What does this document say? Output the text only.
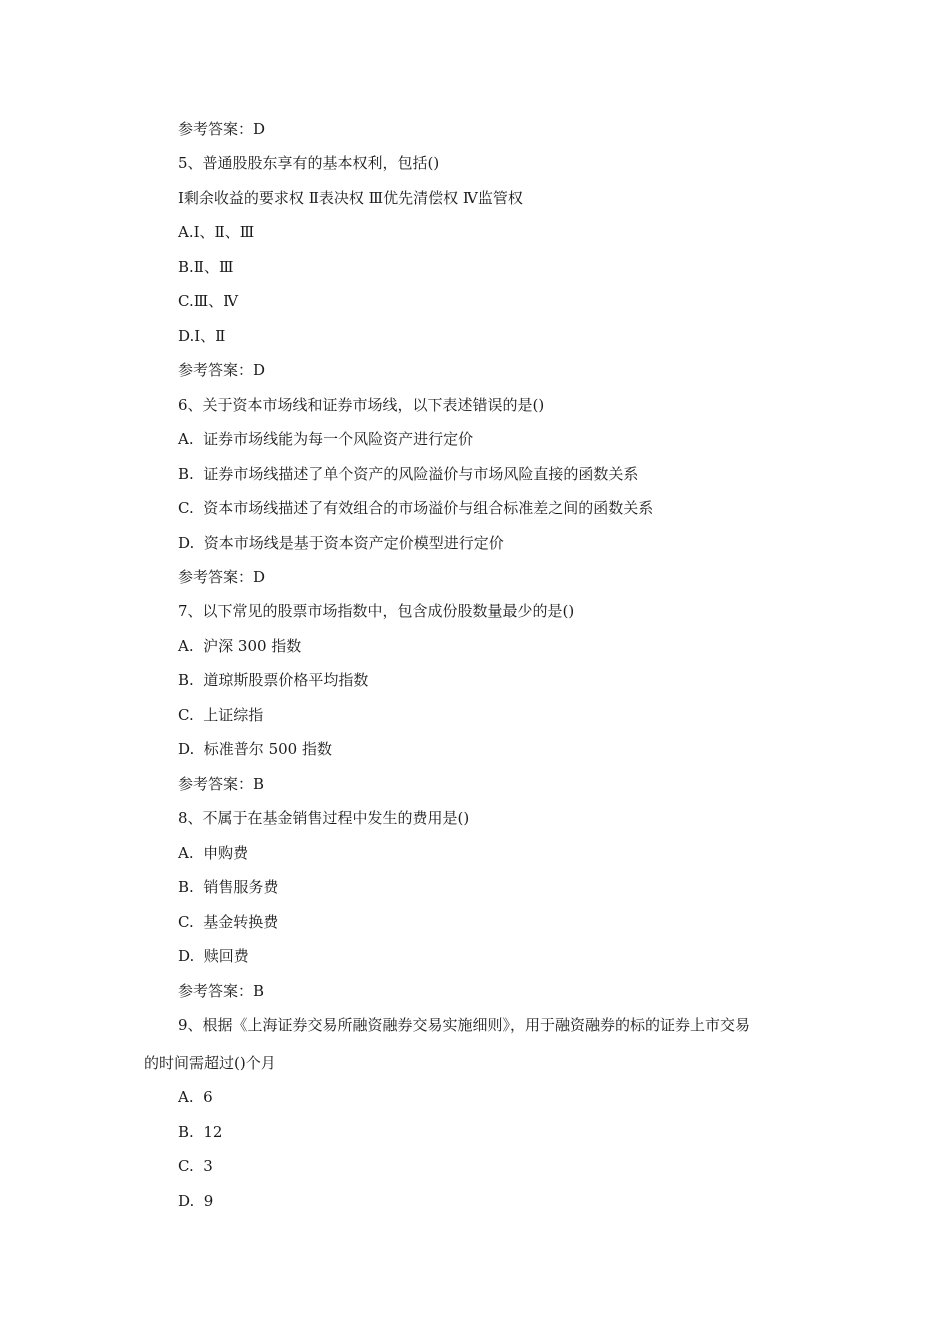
参考答案：D
5、普通股股东享有的基本权利，包括()
Ⅰ剩余收益的要求权 Ⅱ表决权 Ⅲ优先清偿权 Ⅳ监管权
A.Ⅰ、Ⅱ、Ⅲ
B.Ⅱ、Ⅲ
C.Ⅲ、Ⅳ
D.Ⅰ、Ⅱ
参考答案：D
6、关于资本市场线和证券市场线，以下表述错误的是()
A.  证券市场线能为每一个风险资产进行定价
B.  证券市场线描述了单个资产的风险溢价与市场风险直接的函数关系
C.  资本市场线描述了有效组合的市场溢价与组合标准差之间的函数关系
D.  资本市场线是基于资本资产定价模型进行定价
参考答案：D
7、以下常见的股票市场指数中，包含成份股数量最少的是()
A.  沪深 300 指数
B.  道琼斯股票价格平均指数
C.  上证综指
D.  标准普尔 500 指数
参考答案：B
8、不属于在基金销售过程中发生的费用是()
A.  申购费
B.  销售服务费
C.  基金转换费
D.  赎回费
参考答案：B
9、根据《上海证券交易所融资融券交易实施细则》，用于融资融券的标的证券上市交易
的时间需超过()个月
A.  6
B.  12
C.  3
D.  9
